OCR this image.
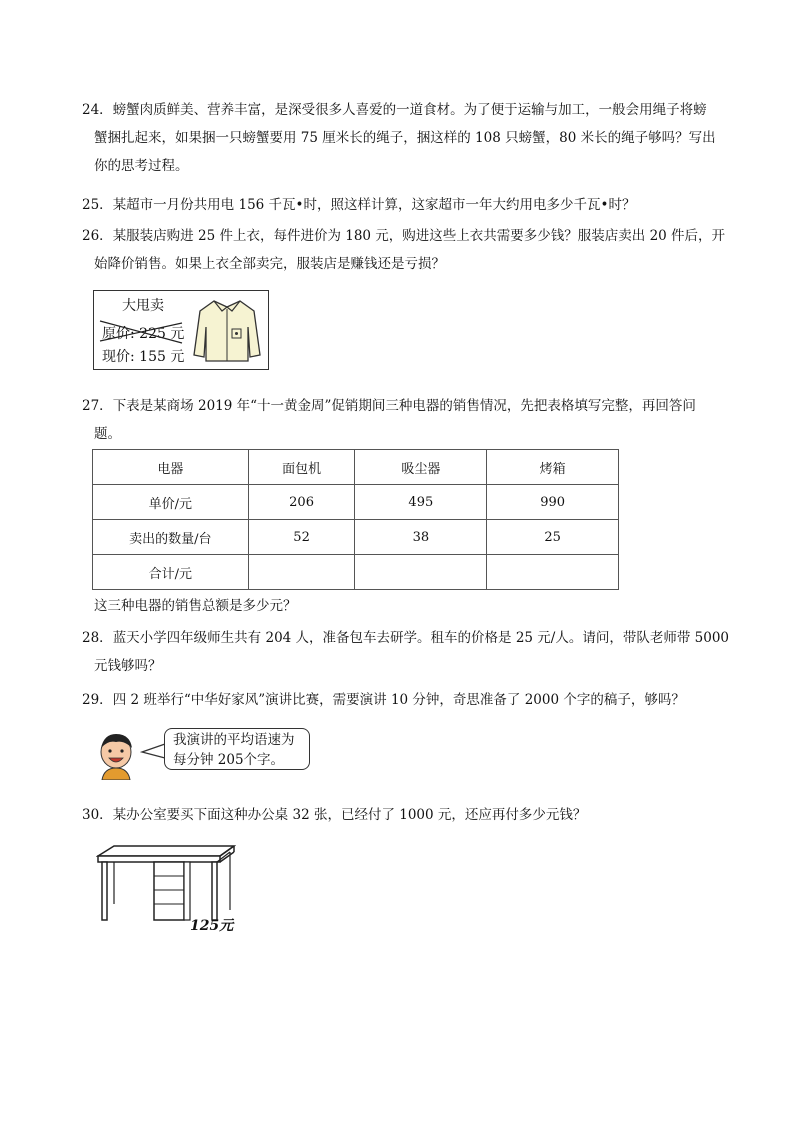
24．螃蟹肉质鲜美、营养丰富，是深受很多人喜爱的一道食材。为了便于运输与加工，一般会用绳子将螃
蟹捆扎起来，如果捆一只螃蟹要用 75 厘米长的绳子，捆这样的 108 只螃蟹，80 米长的绳子够吗？写出
你的思考过程。
25．某超市一月份共用电 156 千瓦•时，照这样计算，这家超市一年大约用电多少千瓦•时？
26．某服装店购进 25 件上衣，每件进价为 180 元，购进这些上衣共需要多少钱？服装店卖出 20 件后，开
始降价销售。如果上衣全部卖完，服装店是赚钱还是亏损？
大甩卖
原价: 225 元
现价: 155 元
27．下表是某商场 2019 年“十一黄金周”促销期间三种电器的销售情况，先把表格填写完整，再回答问
题。
电器	面包机	吸尘器	烤箱
单价/元	206	495	990
卖出的数量/台	52	38	25
合计/元			
这三种电器的销售总额是多少元？
28．蓝天小学四年级师生共有 204 人，准备包车去研学。租车的价格是 25 元/人。请问，带队老师带 5000
元钱够吗？
29．四 2 班举行“中华好家风”演讲比赛，需要演讲 10 分钟，奇思准备了 2000 个字的稿子，够吗？
我演讲的平均语速为
每分钟 205个字。
30．某办公室要买下面这种办公桌 32 张，已经付了 1000 元，还应再付多少元钱？
125元
